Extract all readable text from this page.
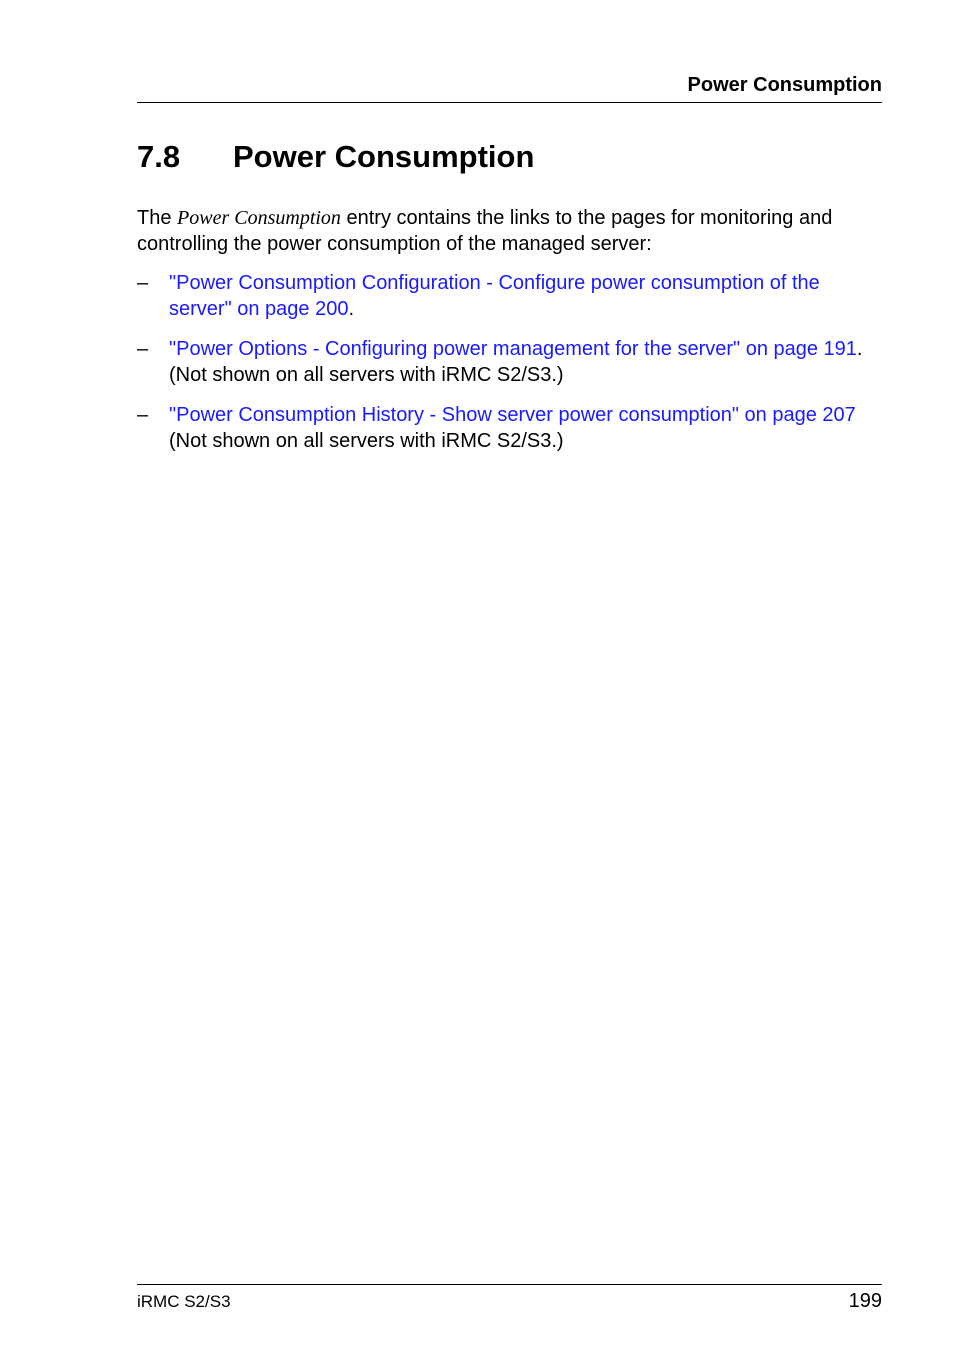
Power Consumption
7.8 Power Consumption

The Power Consumption entry contains the links to the pages for monitoring and controlling the power consumption of the managed server:

– "Power Consumption Configuration - Configure power consumption of the server" on page 200.
– "Power Options - Configuring power management for the server" on page 191. (Not shown on all servers with iRMC S2/S3.)
– "Power Consumption History - Show server power consumption" on page 207 (Not shown on all servers with iRMC S2/S3.)
iRMC S2/S3	199
